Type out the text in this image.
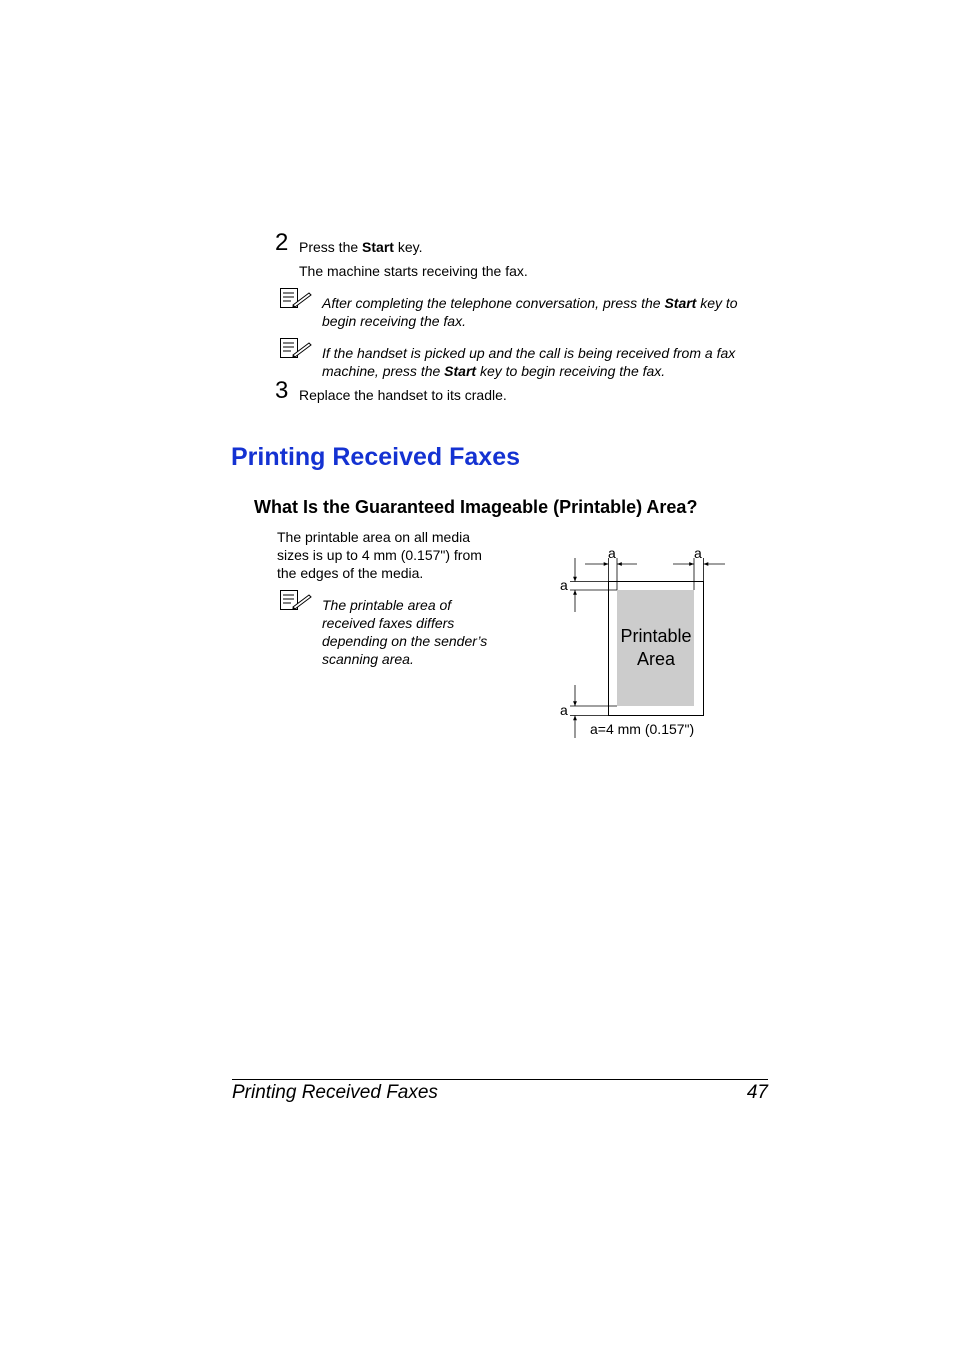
2 Press the Start key.
The machine starts receiving the fax.
After completing the telephone conversation, press the Start key to begin receiving the fax.
If the handset is picked up and the call is being received from a fax machine, press the Start key to begin receiving the fax.
3 Replace the handset to its cradle.
Printing Received Faxes
What Is the Guaranteed Imageable (Printable) Area?
The printable area on all media sizes is up to 4 mm (0.157") from the edges of the media.
The printable area of received faxes differs depending on the sender’s scanning area.
a	a
a
a
Printable
Area
a=4 mm (0.157")
Printing Received Faxes	47
